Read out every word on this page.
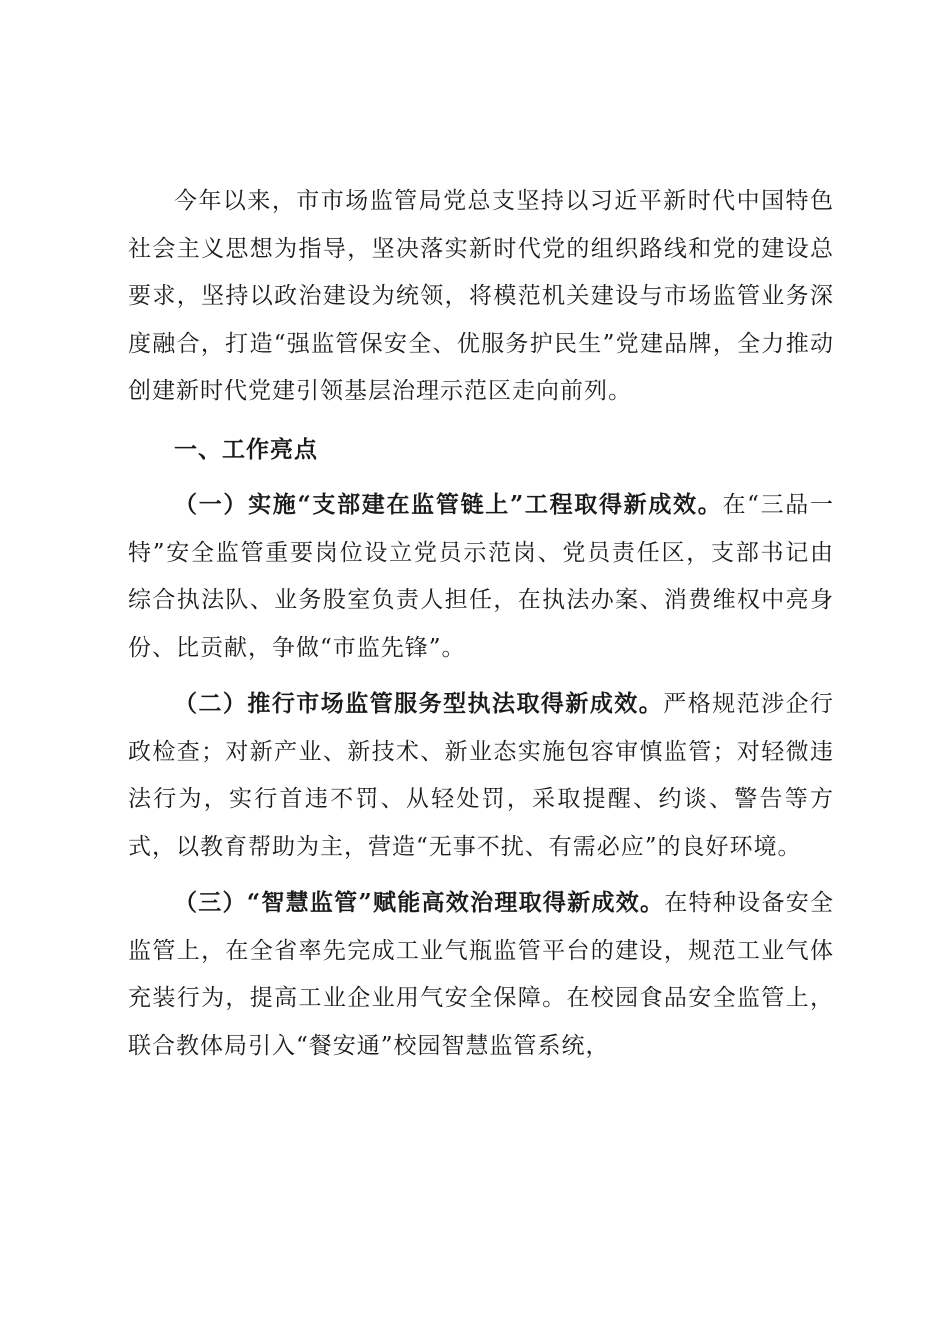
今年以来，市市场监管局党总支坚持以习近平新时代中国特色社会主义思想为指导，坚决落实新时代党的组织路线和党的建设总要求，坚持以政治建设为统领，将模范机关建设与市场监管业务深度融合，打造“强监管保安全、优服务护民生”党建品牌，全力推动创建新时代党建引领基层治理示范区走向前列。

一、工作亮点

（一）实施“支部建在监管链上”工程取得新成效。在“三品一特”安全监管重要岗位设立党员示范岗、党员责任区，支部书记由综合执法队、业务股室负责人担任，在执法办案、消费维权中亮身份、比贡献，争做“市监先锋”。

（二）推行市场监管服务型执法取得新成效。严格规范涉企行政检查；对新产业、新技术、新业态实施包容审慎监管；对轻微违法行为，实行首违不罚、从轻处罚，采取提醒、约谈、警告等方式，以教育帮助为主，营造“无事不扰、有需必应”的良好环境。

（三）“智慧监管”赋能高效治理取得新成效。在特种设备安全监管上，在全省率先完成工业气瓶监管平台的建设，规范工业气体充装行为，提高工业企业用气安全保障。在校园食品安全监管上，联合教体局引入“餐安通”校园智慧监管系统，
